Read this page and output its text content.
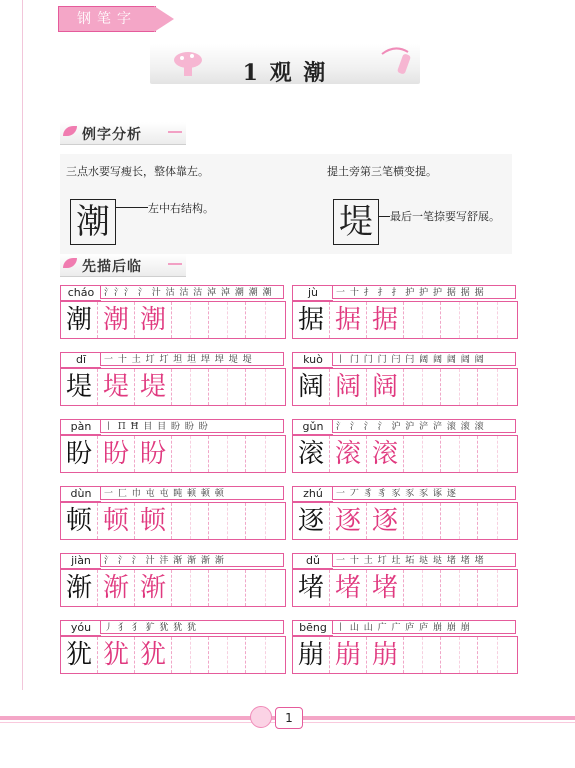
钢笔字
1 观 潮
例字分析
三点水要写瘦长，整体靠左。
潮	左中右结构。
提土旁第三笔横变提。
堤	最后一笔捺要写舒展。
先描后临
cháo	氵氵氵 氵 汁 沽 沽 沽 淖 淖 潮 潮 潮
潮 潮 潮
dī	一 十 土 圢 圢 坦 坦 垾 垾 堤 堤
堤 堤 堤
pàn	丨 Π Ħ 目 目 盼 盼 盼
盼 盼 盼
dùn	一 匚 巾 屯 屯 盹 顿 顿 顿
顿 顿 顿
jiàn	氵 氵 氵 汁 沣 渐 渐 渐 渐
渐 渐 渐
yóu	丿 犭 犭 犷 犹 犹 犹
犹 犹 犹
jù	一 十 扌 扌 扌 护 护 护 据 据 据
据 据 据
kuò	丨 门 门 门 闩 闩 阔 阔 阔 阔 阔
阔 阔 阔
gǔn	氵 氵 氵 氵 沪 沪 浐 浐 滚 滚 滚
滚 滚 滚
zhú	一 丆 豸 豸 豕 豕 豕 诼 逐
逐 逐 逐
dǔ	一 十 土 圢 圵 坧 垯 垯 堵 堵 堵
堵 堵 堵
bēng	丨 山 山 广 广 庐 庐 崩 崩 崩
崩 崩 崩
1
